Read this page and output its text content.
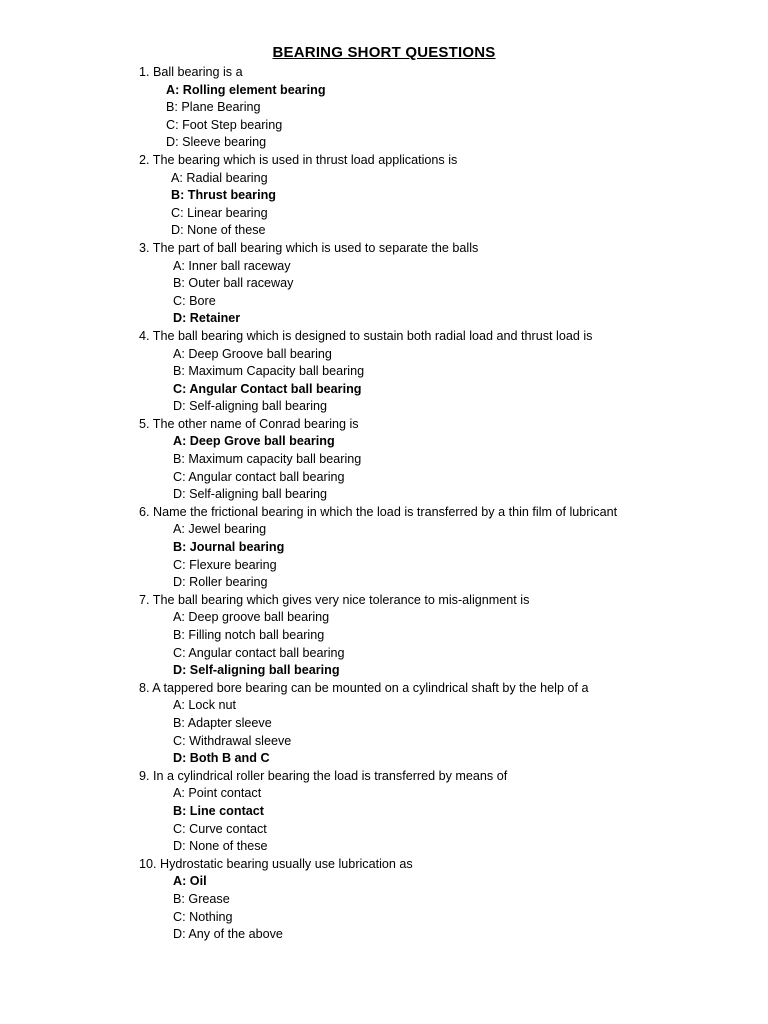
BEARING SHORT QUESTIONS
1. Ball bearing is a
A: Rolling element bearing
B: Plane Bearing
C: Foot Step bearing
D: Sleeve bearing
2. The bearing which is used in thrust load applications is
A: Radial bearing
B: Thrust bearing
C: Linear bearing
D: None of these
3. The part of ball bearing which is used to separate the balls
A: Inner ball raceway
B: Outer ball raceway
C: Bore
D: Retainer
4. The ball bearing which is designed to sustain both radial load and thrust load is
A: Deep Groove ball bearing
B: Maximum Capacity ball bearing
C: Angular Contact ball bearing
D: Self-aligning ball bearing
5. The other name of Conrad bearing is
A: Deep Grove ball bearing
B: Maximum capacity ball bearing
C: Angular contact ball bearing
D: Self-aligning ball bearing
6. Name the frictional bearing in which the load is transferred by a thin film of lubricant
A: Jewel bearing
B: Journal bearing
C: Flexure bearing
D: Roller bearing
7. The ball bearing which gives very nice tolerance to mis-alignment is
A: Deep groove ball bearing
B: Filling notch ball bearing
C: Angular contact ball bearing
D: Self-aligning ball bearing
8. A tappered bore bearing can be mounted on a cylindrical shaft by the help of a
A: Lock nut
B: Adapter sleeve
C: Withdrawal sleeve
D: Both B and C
9. In a cylindrical roller bearing the load is transferred by means of
A: Point contact
B: Line contact
C: Curve contact
D: None of these
10. Hydrostatic bearing usually use lubrication as
A: Oil
B: Grease
C: Nothing
D: Any of the above
